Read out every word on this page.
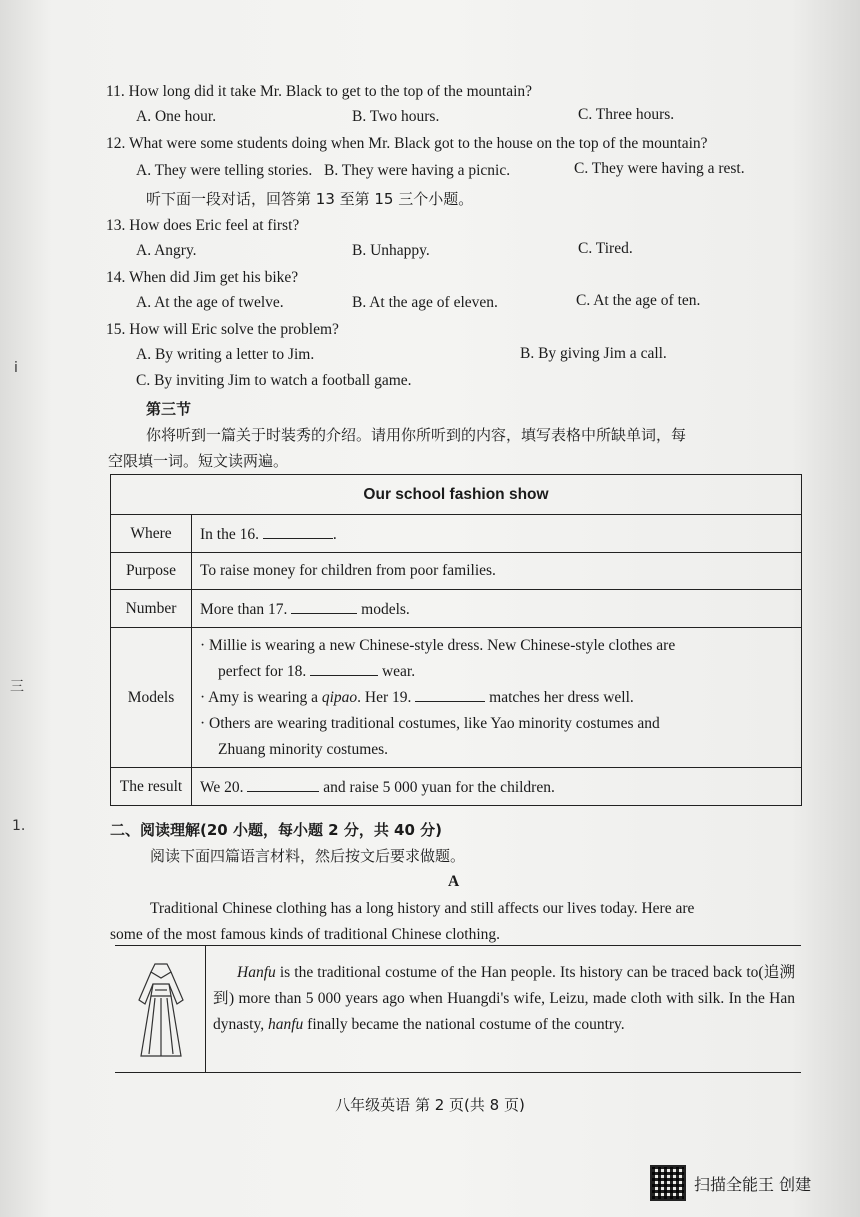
i
三
1.
11. How long did it take Mr. Black to get to the top of the mountain?
A. One hour.	B. Two hours.	C. Three hours.
12. What were some students doing when Mr. Black got to the house on the top of the mountain?
A. They were telling stories. B. They were having a picnic.	C. They were having a rest.
听下面一段对话，回答第 13 至第 15 三个小题。
13. How does Eric feel at first?
A. Angry.	B. Unhappy.	C. Tired.
14. When did Jim get his bike?
A. At the age of twelve.	B. At the age of eleven.	C. At the age of ten.
15. How will Eric solve the problem?
A. By writing a letter to Jim.	B. By giving Jim a call.
C. By inviting Jim to watch a football game.
第三节
你将听到一篇关于时装秀的介绍。请用你所听到的内容，填写表格中所缺单词，每
空限填一词。短文读两遍。
Our school fashion show	
Where	In the 16. .
Purpose	To raise money for children from poor families.
Number	More than 17. models.
Models	· Millie is wearing a new Chinese-style dress. New Chinese-style clothes are
perfect for 18. wear.
· Amy is wearing a qipao. Her 19. matches her dress well.
· Others are wearing traditional costumes, like Yao minority costumes and
Zhuang minority costumes.

The result	We 20. and raise 5 000 yuan for the children.
二、阅读理解(20 小题，每小题 2 分，共 40 分)
阅读下面四篇语言材料，然后按文后要求做题。
A
Traditional Chinese clothing has a long history and still affects our lives today. Here are
some of the most famous kinds of traditional Chinese clothing.
Hanfu is the traditional costume of the Han people. Its history can be traced back to(追溯到) more than 5 000 years ago when Huangdi's wife, Leizu, made cloth with silk. In the Han dynasty, hanfu finally became the national costume of the country.
八年级英语 第 2 页(共 8 页)
扫描全能王 创建
